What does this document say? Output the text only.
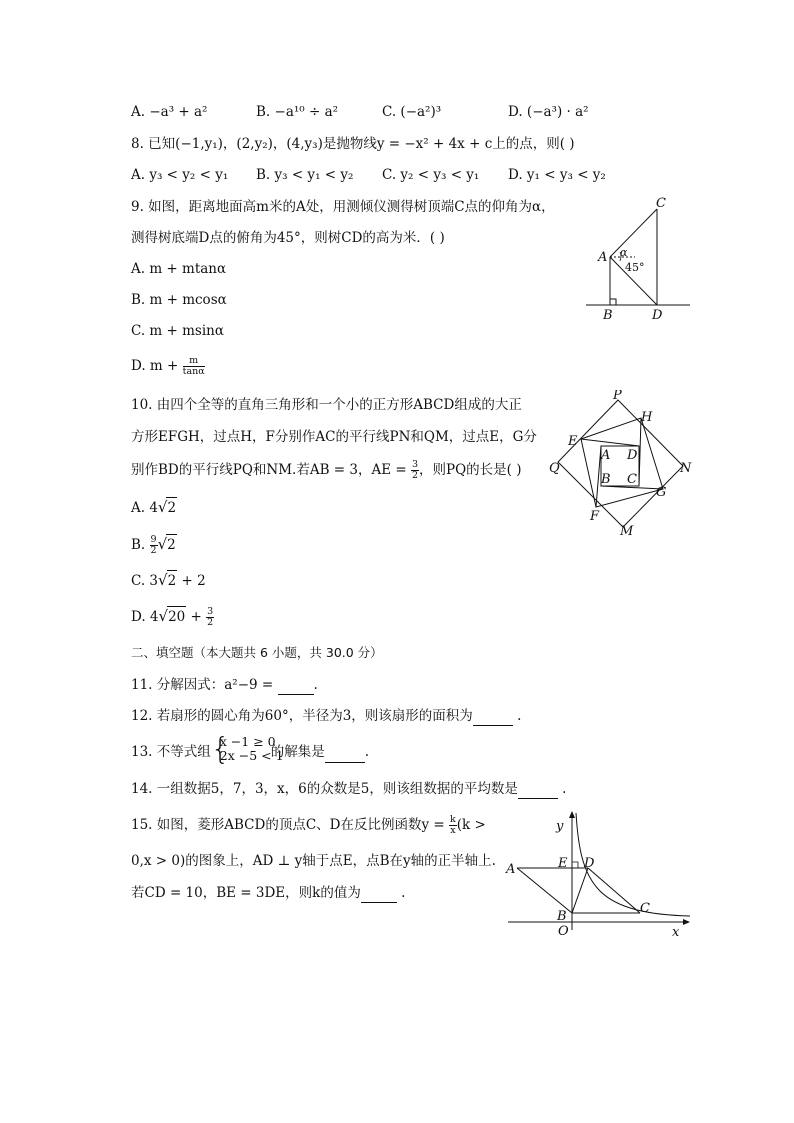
A. −a³ + a²	B. −a¹⁰ ÷ a²	C. (−a²)³	D. (−a³) · a²
8. 已知(−1,y₁)，(2,y₂)，(4,y₃)是抛物线y = −x² + 4x + c上的点，则( )
A. y₃ < y₂ < y₁ B. y₃ < y₁ < y₂ C. y₂ < y₃ < y₁ D. y₁ < y₃ < y₂
9. 如图，距离地面高m米的A处，用测倾仪测得树顶端C点的仰角为α，
测得树底端D点的俯角为45°，则树CD的高为米．( )
A. m + mtanα
B. m + mcosα
C. m + msinα
D. $m + \frac{m}{\tan\alpha}$
C
A α
45°
B	D
10. 由四个全等的直角三角形和一个小的正方形ABCD组成的大正
方形EFGH，过点H，F分别作AC的平行线PN和QM，过点E，G分
别作BD的平行线PQ和NM.若AB = 3，AE = $\frac{3}{2}$ ，则PQ的长是( )
A. 4√2
B. $\frac{9}{2} √2$
C. 3√2 + 2
D. $4√20 + \frac{3}{2}$
P
H
E
A D
Q	N
B C
G
F
M
二、填空题（本大题共 6 小题，共 30.0 分）
11. 分解因式：a²−9 =	.
12. 若扇形的圆心角为60°，半径为3，则该扇形的面积为	.
13. 不等式组 {
x −1 ≥ 0
2x −5 < 1
的解集是	.
14. 一组数据5，7，3，x，6的众数是5，则该组数据的平均数是	.
15. 如图，菱形ABCD的顶点C、D在反比例函数$y = \frac{k}{x} (k$ >
0,x > 0)的图象上，AD ⊥ y轴于点E，点B在y轴的正半轴上.
若CD = 10，BE = 3DE，则k的值为	.
y
A	E D
C
B
O	x
